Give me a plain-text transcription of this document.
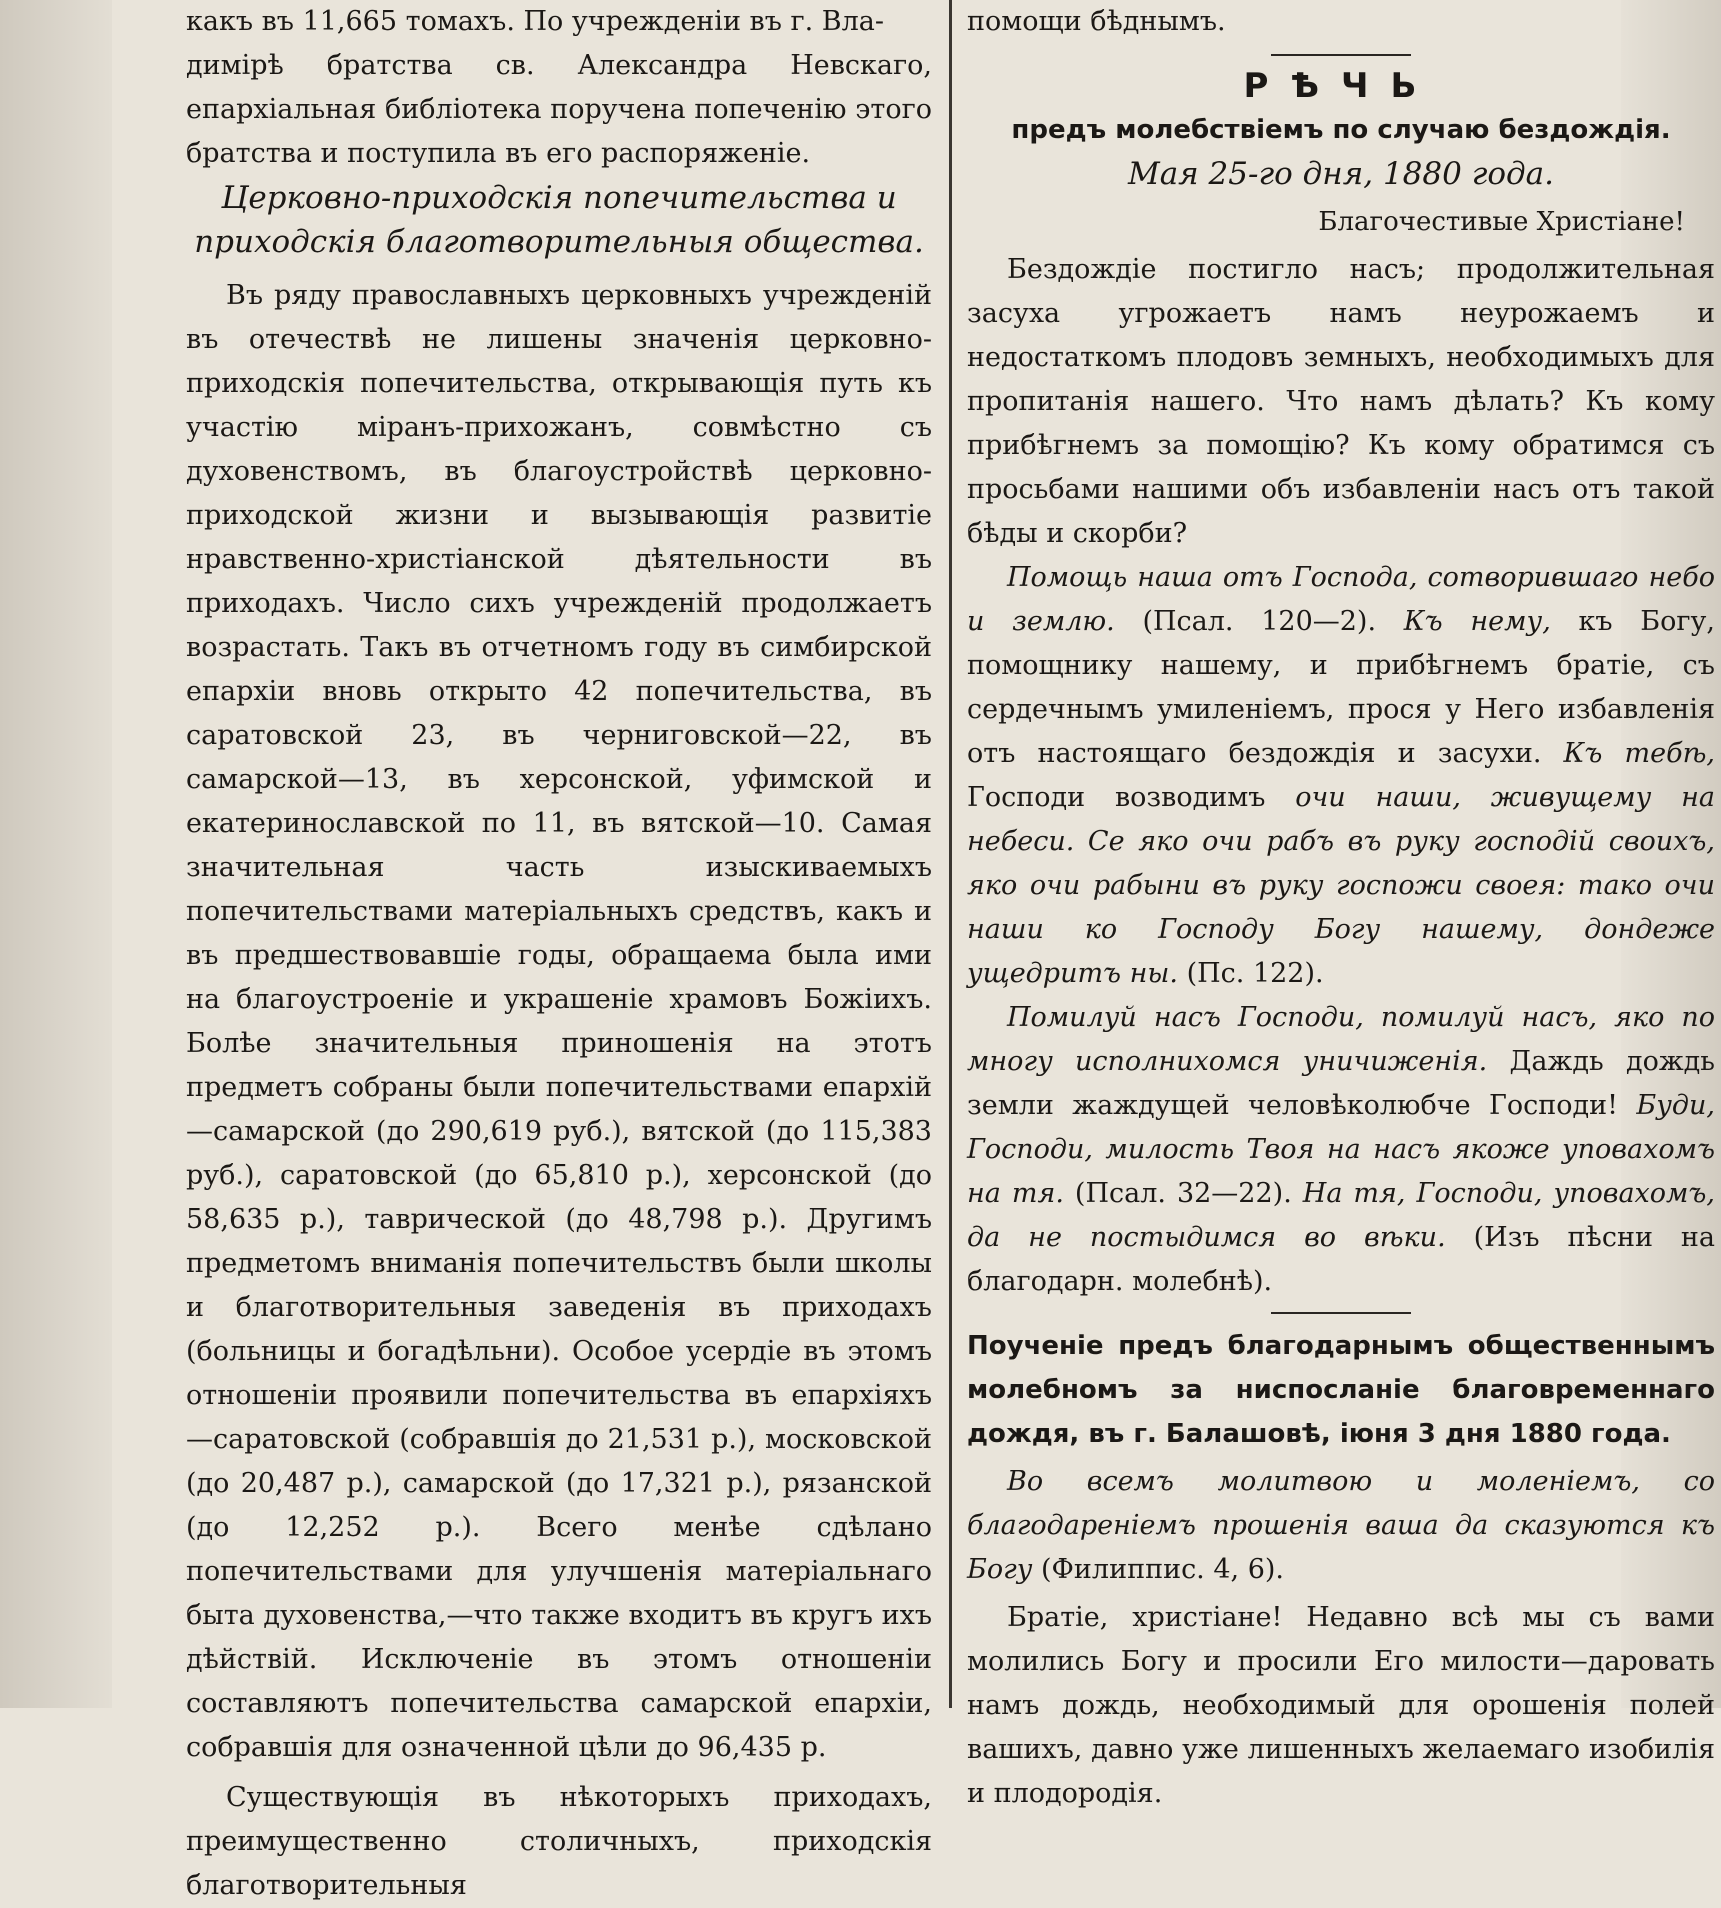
какъ въ 11,665 томахъ. По учрежденіи въ г. Вла-

димірѣ братства св. Александра Невскаго, епархіальная библіотека поручена попеченію этого братства и поступила въ его распоряженіе.

Церковно-приходскія попечительства и приходскія благотворительныя общества.

Въ ряду православныхъ церковныхъ учрежденій въ отечествѣ не лишены значенія церковно-приходскія попечительства, открывающія путь къ участію міранъ-прихожанъ, совмѣстно съ духовенствомъ, въ благоустройствѣ церковно-приходской жизни и вызывающія развитіе нравственно-христіанской дѣятельности въ приходахъ. Число сихъ учрежденій продолжаетъ возрастать. Такъ въ отчетномъ году въ симбирской епархіи вновь открыто 42 попечительства, въ саратовской 23, въ черниговской—22, въ самарской—13, въ херсонской, уфимской и екатеринославской по 11, въ вятской—10. Самая значительная часть изыскиваемыхъ попечительствами матеріальныхъ средствъ, какъ и въ предшествовавшіе годы, обращаема была ими на благоустроеніе и украшеніе храмовъ Божіихъ. Болѣе значительныя приношенія на этотъ предметъ собраны были попечительствами епархій—самарской (до 290,619 руб.), вятской (до 115,383 руб.), саратовской (до 65,810 р.), херсонской (до 58,635 р.), таврической (до 48,798 р.). Другимъ предметомъ вниманія попечительствъ были школы и благотворительныя заведенія въ приходахъ (больницы и богадѣльни). Особое усердіе въ этомъ отношеніи проявили попечительства въ епархіяхъ—саратовской (собравшія до 21,531 р.), московской (до 20,487 р.), самарской (до 17,321 р.), рязанской (до 12,252 р.). Всего менѣе сдѣлано попечительствами для улучшенія матеріальнаго быта духовенства,—что также входитъ въ кругъ ихъ дѣйствій. Исключеніе въ этомъ отношеніи составляютъ попечительства самарской епархіи, собравшія для означенной цѣли до 96,435 р.

Существующія въ нѣкоторыхъ приходахъ, преимущественно столичныхъ, приходскія благотворительныя

помощи бѣднымъ.
РѢЧЬ
предъ молебствіемъ по случаю бездождія.
Мая 25-го дня, 1880 года.
Благочестивые Христіане!

Бездождіе постигло насъ; продолжительная засуха угрожаетъ намъ неурожаемъ и недостаткомъ плодовъ земныхъ, необходимыхъ для пропитанія нашего. Что намъ дѣлать? Къ кому прибѣгнемъ за помощію? Къ кому обратимся съ просьбами нашими объ избавленіи насъ отъ такой бѣды и скорби?

Помощь наша отъ Господа, сотворившаго небо и землю. (Псал. 120—2). Къ нему, къ Богу, помощнику нашему, и прибѣгнемъ братіе, съ сердечнымъ умиленіемъ, прося у Него избавленія отъ настоящаго бездождія и засухи. Къ тебѣ, Господи возводимъ очи наши, живущему на небеси. Се яко очи рабъ въ руку господій своихъ, яко очи рабыни въ руку госпожи своея: тако очи наши ко Господу Богу нашему, дондеже ущедритъ ны. (Пс. 122).

Помилуй насъ Господи, помилуй насъ, яко по многу исполнихомся уничиженія. Даждь дождь земли жаждущей человѣколюбче Господи! Буди, Господи, милость Твоя на насъ якоже уповахомъ на тя. (Псал. 32—22). На тя, Господи, уповахомъ, да не постыдимся во вѣки. (Изъ пѣсни на благодарн. молебнѣ).

Поученіе предъ благодарнымъ общественнымъ молебномъ за ниспосланіе благовременнаго дождя, въ г. Балашовѣ, іюня 3 дня 1880 года.

Во всемъ молитвою и моленіемъ, со благодареніемъ прошенія ваша да сказуются къ Богу (Филиппис. 4, 6).

Братіе, христіане! Недавно всѣ мы съ вами молились Богу и просили Его милости—даровать намъ дождь, необходимый для орошенія полей вашихъ, давно уже лишенныхъ желаемаго изобилія и плодородія.
